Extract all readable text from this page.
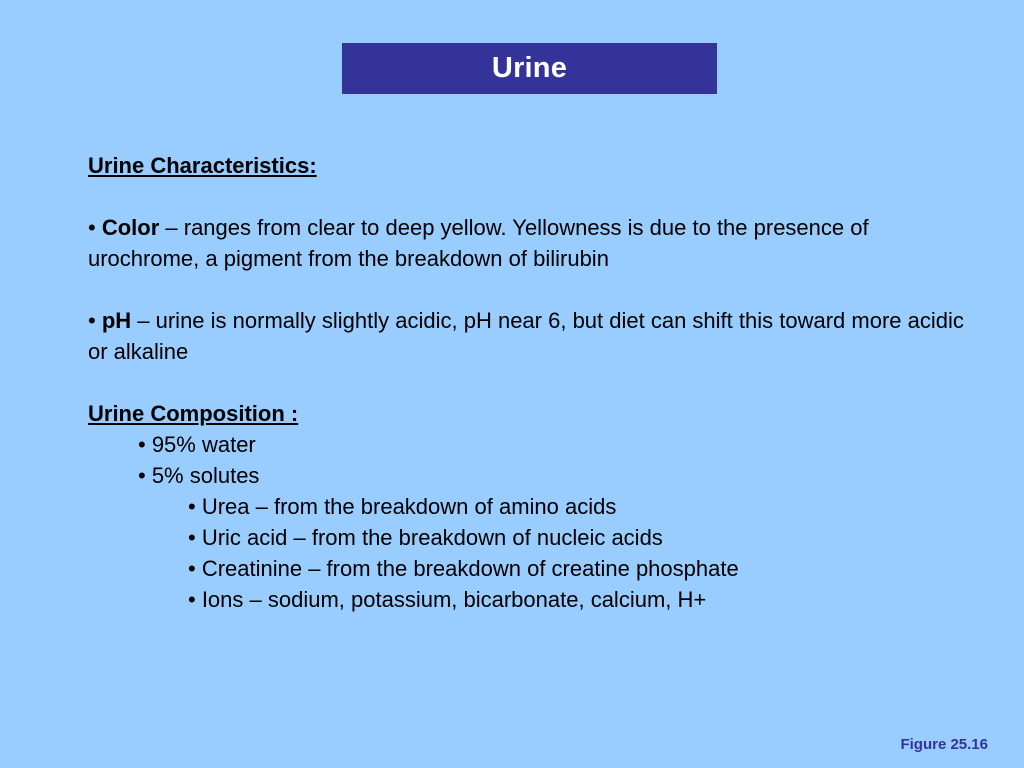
Urine
Urine Characteristics:

• Color – ranges from clear to deep yellow. Yellowness is due to the presence of urochrome, a pigment from the breakdown of bilirubin

• pH – urine is normally slightly acidic, pH near 6, but diet can shift this toward more acidic or alkaline

Urine Composition :
• 95% water
• 5% solutes
• Urea – from the breakdown of amino acids
• Uric acid – from the breakdown of nucleic acids
• Creatinine – from the breakdown of creatine phosphate
• Ions – sodium, potassium, bicarbonate, calcium, H+
Figure 25.16
